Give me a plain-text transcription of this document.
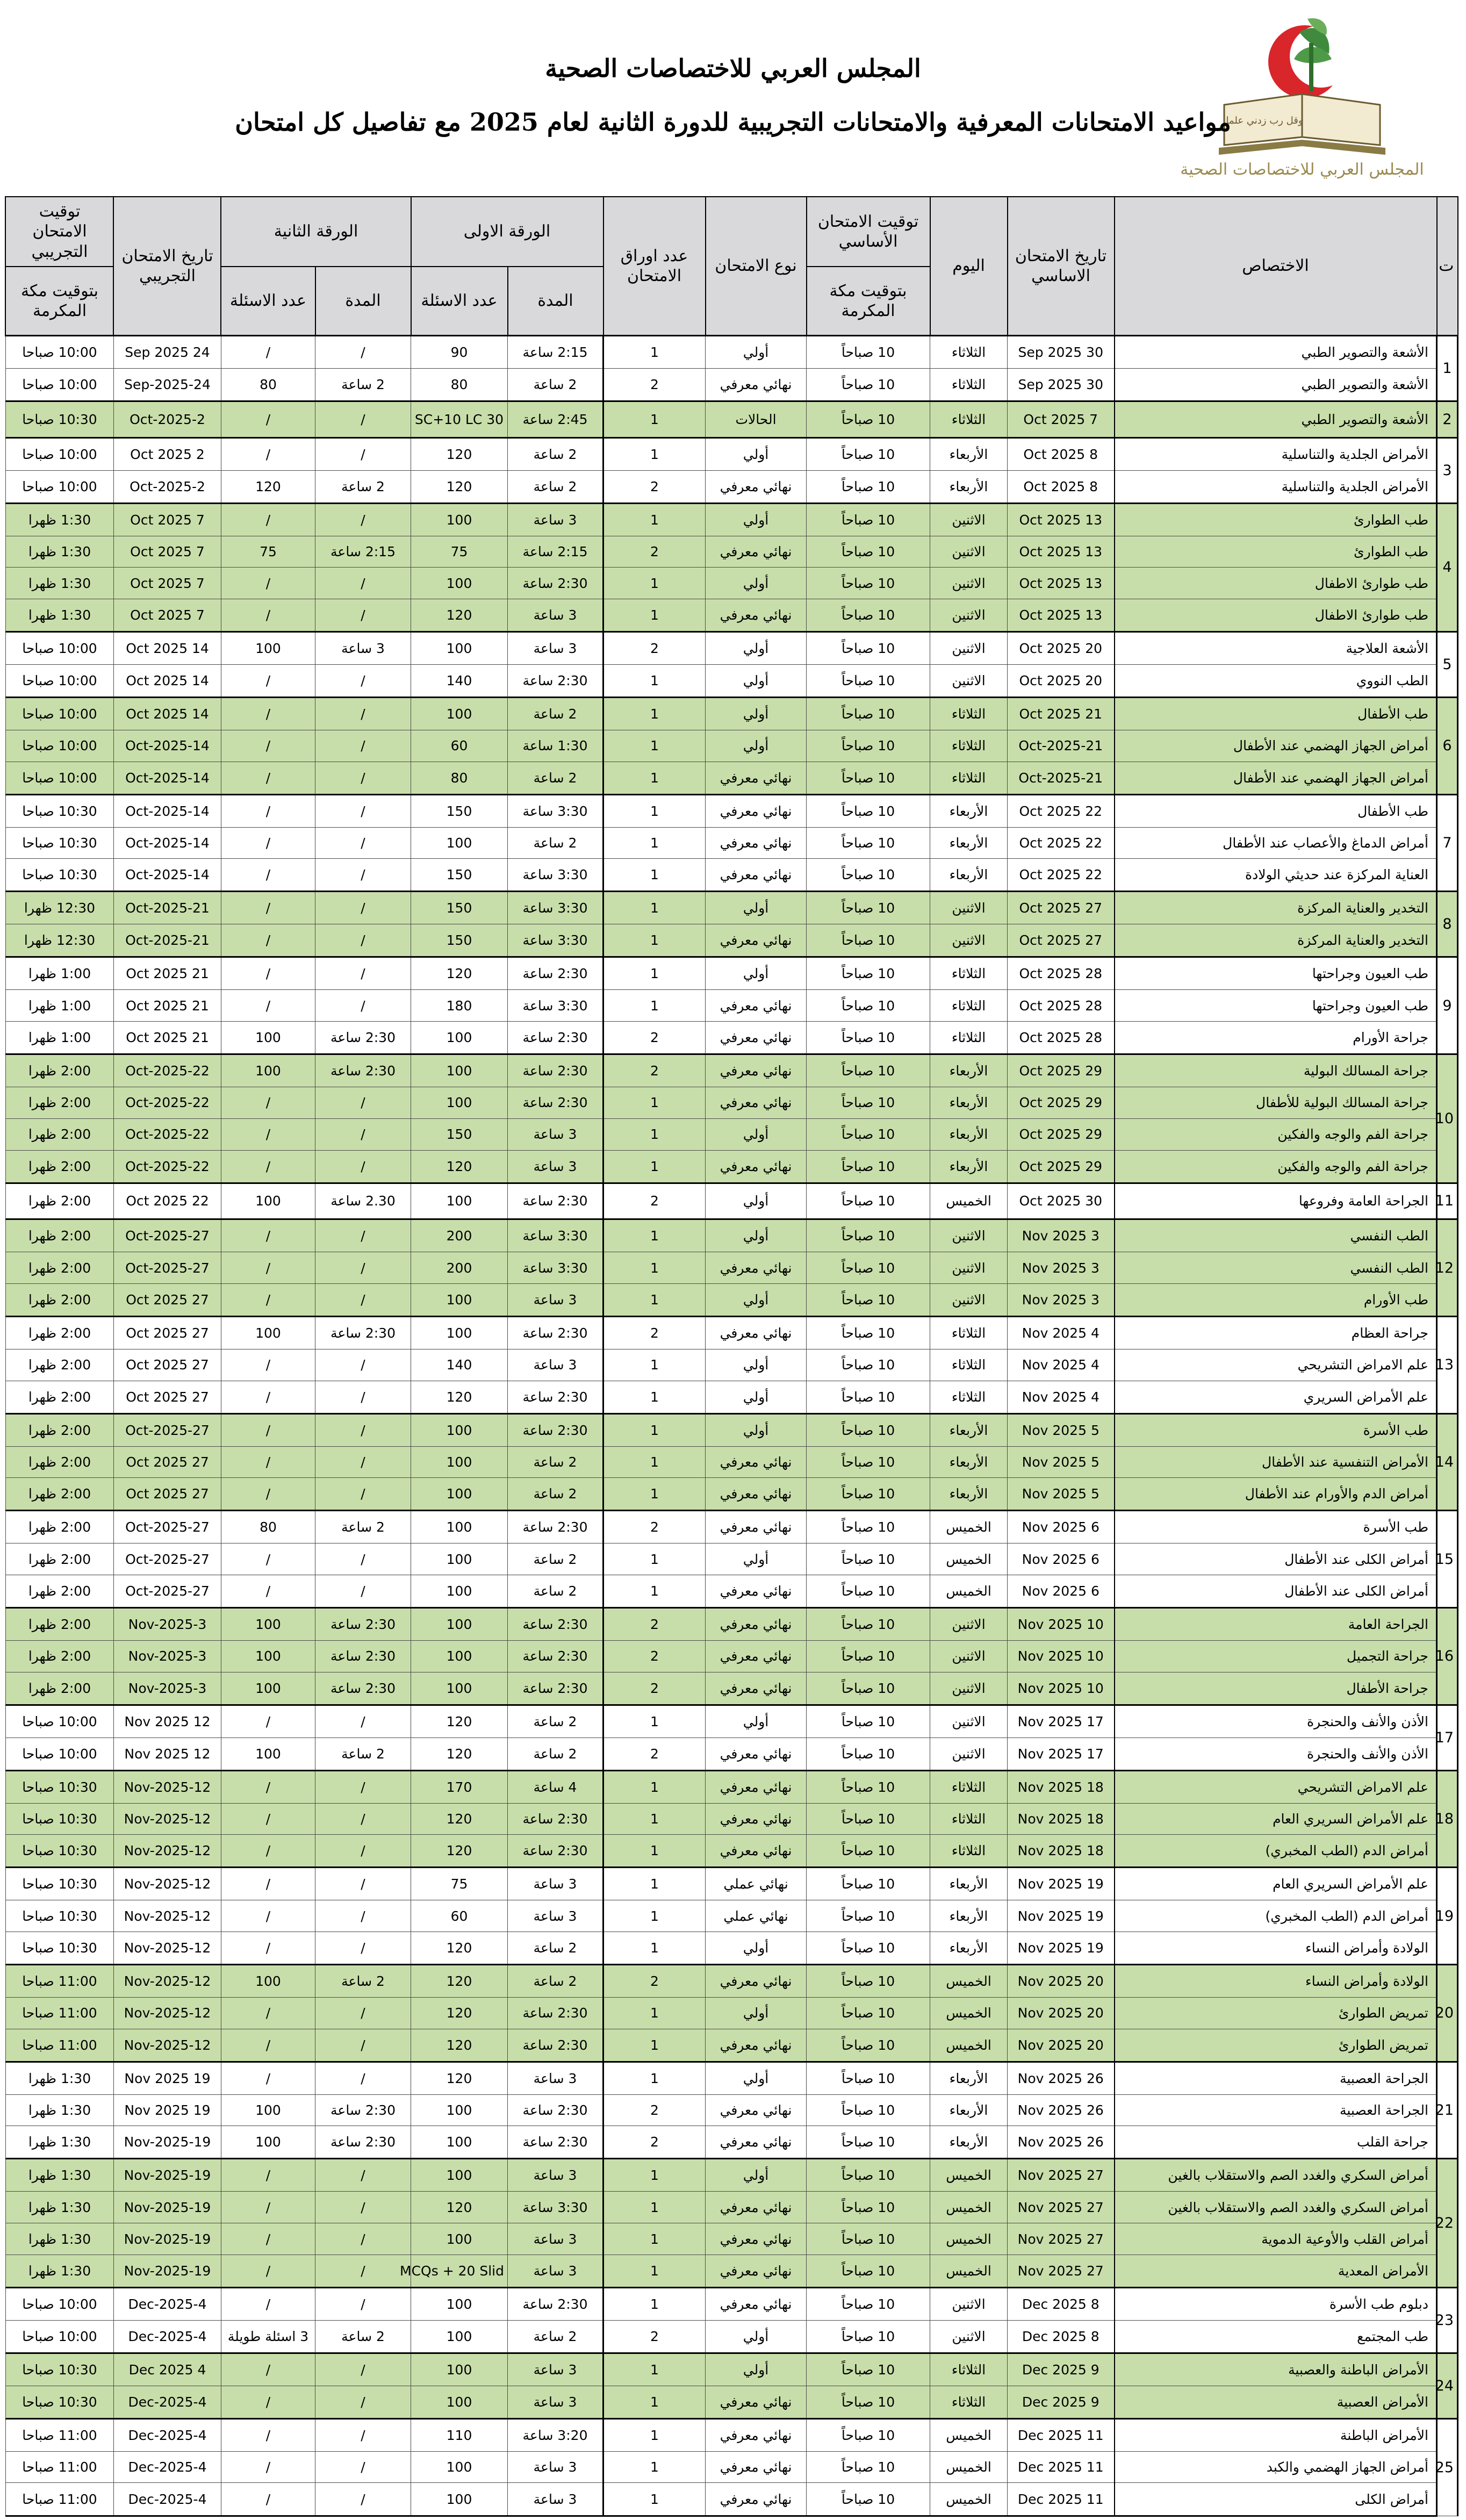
وقل رب زدني علما
المجلس العربي للاختصاصات الصحية
المجلس العربي للاختصاصات الصحية
مواعيد الامتحانات المعرفية والامتحانات التجريبية للدورة الثانية لعام 2025 مع تفاصيل كل امتحان
ت	الاختصاص	تاريخ الامتحان الاساسي	اليوم	توقيت الامتحان الأساسي	نوع الامتحان	عدد اوراق الامتحان	الورقة الاولى		الورقة الثانية		تاريخ الامتحان التجريبي	توقيت الامتحان التجريبي
				بتوقيت مكة المكرمة			المدة	عدد الاسئلة	المدة	عدد الاسئلة		بتوقيت مكة المكرمة
1	الأشعة والتصوير الطبي	30 Sep 2025	الثلاثاء	10 صباحاً	أولي	1	2:15 ساعة	90	/	/	24 Sep 2025	10:00 صباحا
	الأشعة والتصوير الطبي	30 Sep 2025	الثلاثاء	10 صباحاً	نهائي معرفي	2	2 ساعة	80	2 ساعة	80	24-Sep-2025	10:00 صباحا
2	الأشعة والتصوير الطبي	7 Oct 2025	الثلاثاء	10 صباحاً	الحالات	1	2:45 ساعة	30 SC+10 LC	/	/	2-Oct-2025	10:30 صباحا
3	الأمراض الجلدية والتناسلية	8 Oct 2025	الأربعاء	10 صباحاً	أولي	1	2 ساعة	120	/	/	2 Oct 2025	10:00 صباحا
	الأمراض الجلدية والتناسلية	8 Oct 2025	الأربعاء	10 صباحاً	نهائي معرفي	2	2 ساعة	120	2 ساعة	120	2-Oct-2025	10:00 صباحا
4	طب الطوارئ	13 Oct 2025	الاثنين	10 صباحاً	أولي	1	3 ساعة	100	/	/	7 Oct 2025	1:30 ظهرا
	طب الطوارئ	13 Oct 2025	الاثنين	10 صباحاً	نهائي معرفي	2	2:15 ساعة	75	2:15 ساعة	75	7 Oct 2025	1:30 ظهرا
	طب طوارئ الاطفال	13 Oct 2025	الاثنين	10 صباحاً	أولي	1	2:30 ساعة	100	/	/	7 Oct 2025	1:30 ظهرا
	طب طوارئ الاطفال	13 Oct 2025	الاثنين	10 صباحاً	نهائي معرفي	1	3 ساعة	120	/	/	7 Oct 2025	1:30 ظهرا
5	الأشعة العلاجية	20 Oct 2025	الاثنين	10 صباحاً	أولي	2	3 ساعة	100	3 ساعة	100	14 Oct 2025	10:00 صباحا
	الطب النووي	20 Oct 2025	الاثنين	10 صباحاً	أولي	1	2:30 ساعة	140	/	/	14 Oct 2025	10:00 صباحا
6	طب الأطفال	21 Oct 2025	الثلاثاء	10 صباحاً	أولي	1	2 ساعة	100	/	/	14 Oct 2025	10:00 صباحا
	أمراض الجهاز الهضمي عند الأطفال	21-Oct-2025	الثلاثاء	10 صباحاً	أولي	1	1:30 ساعة	60	/	/	14-Oct-2025	10:00 صباحا
	أمراض الجهاز الهضمي عند الأطفال	21-Oct-2025	الثلاثاء	10 صباحاً	نهائي معرفي	1	2 ساعة	80	/	/	14-Oct-2025	10:00 صباحا
7	طب الأطفال	22 Oct 2025	الأربعاء	10 صباحاً	نهائي معرفي	1	3:30 ساعة	150	/	/	14-Oct-2025	10:30 صباحا
	أمراض الدماغ والأعصاب عند الأطفال	22 Oct 2025	الأربعاء	10 صباحاً	نهائي معرفي	1	2 ساعة	100	/	/	14-Oct-2025	10:30 صباحا
	العناية المركزة عند حديثي الولادة	22 Oct 2025	الأربعاء	10 صباحاً	نهائي معرفي	1	3:30 ساعة	150	/	/	14-Oct-2025	10:30 صباحا
8	التخدير والعناية المركزة	27 Oct 2025	الاثنين	10 صباحاً	أولي	1	3:30 ساعة	150	/	/	21-Oct-2025	12:30 ظهرا
	التخدير والعناية المركزة	27 Oct 2025	الاثنين	10 صباحاً	نهائي معرفي	1	3:30 ساعة	150	/	/	21-Oct-2025	12:30 ظهرا
9	طب العيون وجراحتها	28 Oct 2025	الثلاثاء	10 صباحاً	أولي	1	2:30 ساعة	120	/	/	21 Oct 2025	1:00 ظهرا
	طب العيون وجراحتها	28 Oct 2025	الثلاثاء	10 صباحاً	نهائي معرفي	1	3:30 ساعة	180	/	/	21 Oct 2025	1:00 ظهرا
	جراحة الأورام	28 Oct 2025	الثلاثاء	10 صباحاً	نهائي معرفي	2	2:30 ساعة	100	2:30 ساعة	100	21 Oct 2025	1:00 ظهرا
10	جراحة المسالك البولية	29 Oct 2025	الأربعاء	10 صباحاً	نهائي معرفي	2	2:30 ساعة	100	2:30 ساعة	100	22-Oct-2025	2:00 ظهرا
	جراحة المسالك البولية للأطفال	29 Oct 2025	الأربعاء	10 صباحاً	نهائي معرفي	1	2:30 ساعة	100	/	/	22-Oct-2025	2:00 ظهرا
	جراحة الفم والوجه والفكين	29 Oct 2025	الأربعاء	10 صباحاً	أولي	1	3 ساعة	150	/	/	22-Oct-2025	2:00 ظهرا
	جراحة الفم والوجه والفكين	29 Oct 2025	الأربعاء	10 صباحاً	نهائي معرفي	1	3 ساعة	120	/	/	22-Oct-2025	2:00 ظهرا
11	الجراحة العامة وفروعها	30 Oct 2025	الخميس	10 صباحاً	أولي	2	2:30 ساعة	100	2.30 ساعة	100	22 Oct 2025	2:00 ظهرا
12	الطب النفسي	3 Nov 2025	الاثنين	10 صباحاً	أولي	1	3:30 ساعة	200	/	/	27-Oct-2025	2:00 ظهرا
	الطب النفسي	3 Nov 2025	الاثنين	10 صباحاً	نهائي معرفي	1	3:30 ساعة	200	/	/	27-Oct-2025	2:00 ظهرا
	طب الأورام	3 Nov 2025	الاثنين	10 صباحاً	أولي	1	3 ساعة	100	/	/	27 Oct 2025	2:00 ظهرا
13	جراحة العظام	4 Nov 2025	الثلاثاء	10 صباحاً	نهائي معرفي	2	2:30 ساعة	100	2:30 ساعة	100	27 Oct 2025	2:00 ظهرا
	علم الامراض التشريحي	4 Nov 2025	الثلاثاء	10 صباحاً	أولي	1	3 ساعة	140	/	/	27 Oct 2025	2:00 ظهرا
	علم الأمراض السريري	4 Nov 2025	الثلاثاء	10 صباحاً	أولي	1	2:30 ساعة	120	/	/	27 Oct 2025	2:00 ظهرا
14	طب الأسرة	5 Nov 2025	الأربعاء	10 صباحاً	أولي	1	2:30 ساعة	100	/	/	27-Oct-2025	2:00 ظهرا
	الأمراض التنفسية عند الأطفال	5 Nov 2025	الأربعاء	10 صباحاً	نهائي معرفي	1	2 ساعة	100	/	/	27 Oct 2025	2:00 ظهرا
	أمراض الدم والأورام عند الأطفال	5 Nov 2025	الأربعاء	10 صباحاً	نهائي معرفي	1	2 ساعة	100	/	/	27 Oct 2025	2:00 ظهرا
15	طب الأسرة	6 Nov 2025	الخميس	10 صباحاً	نهائي معرفي	2	2:30 ساعة	100	2 ساعة	80	27-Oct-2025	2:00 ظهرا
	أمراض الكلى عند الأطفال	6 Nov 2025	الخميس	10 صباحاً	أولي	1	2 ساعة	100	/	/	27-Oct-2025	2:00 ظهرا
	أمراض الكلى عند الأطفال	6 Nov 2025	الخميس	10 صباحاً	نهائي معرفي	1	2 ساعة	100	/	/	27-Oct-2025	2:00 ظهرا
16	الجراحة العامة	10 Nov 2025	الاثنين	10 صباحاً	نهائي معرفي	2	2:30 ساعة	100	2:30 ساعة	100	3-Nov-2025	2:00 ظهرا
	جراحة التجميل	10 Nov 2025	الاثنين	10 صباحاً	نهائي معرفي	2	2:30 ساعة	100	2:30 ساعة	100	3-Nov-2025	2:00 ظهرا
	جراحة الأطفال	10 Nov 2025	الاثنين	10 صباحاً	نهائي معرفي	2	2:30 ساعة	100	2:30 ساعة	100	3-Nov-2025	2:00 ظهرا
17	الأذن والأنف والحنجرة	17 Nov 2025	الاثنين	10 صباحاً	أولي	1	2 ساعة	120	/	/	12 Nov 2025	10:00 صباحا
	الأذن والأنف والحنجرة	17 Nov 2025	الاثنين	10 صباحاً	نهائي معرفي	2	2 ساعة	120	2 ساعة	100	12 Nov 2025	10:00 صباحا
18	علم الامراض التشريحي	18 Nov 2025	الثلاثاء	10 صباحاً	نهائي معرفي	1	4 ساعة	170	/	/	12-Nov-2025	10:30 صباحا
	علم الأمراض السريري العام	18 Nov 2025	الثلاثاء	10 صباحاً	نهائي معرفي	1	2:30 ساعة	120	/	/	12-Nov-2025	10:30 صباحا
	أمراض الدم (الطب المخبري)	18 Nov 2025	الثلاثاء	10 صباحاً	نهائي معرفي	1	2:30 ساعة	120	/	/	12-Nov-2025	10:30 صباحا
19	علم الأمراض السريري العام	19 Nov 2025	الأربعاء	10 صباحاً	نهائي عملي	1	3 ساعة	75	/	/	12-Nov-2025	10:30 صباحا
	أمراض الدم (الطب المخبري)	19 Nov 2025	الأربعاء	10 صباحاً	نهائي عملي	1	3 ساعة	60	/	/	12-Nov-2025	10:30 صباحا
	الولادة وأمراض النساء	19 Nov 2025	الأربعاء	10 صباحاً	أولي	1	2 ساعة	120	/	/	12-Nov-2025	10:30 صباحا
20	الولادة وأمراض النساء	20 Nov 2025	الخميس	10 صباحاً	نهائي معرفي	2	2 ساعة	120	2 ساعة	100	12-Nov-2025	11:00 صباحا
	تمريض الطوارئ	20 Nov 2025	الخميس	10 صباحاً	أولي	1	2:30 ساعة	120	/	/	12-Nov-2025	11:00 صباحا
	تمريض الطوارئ	20 Nov 2025	الخميس	10 صباحاً	نهائي معرفي	1	2:30 ساعة	120	/	/	12-Nov-2025	11:00 صباحا
21	الجراحة العصبية	26 Nov 2025	الأربعاء	10 صباحاً	أولي	1	3 ساعة	120	/	/	19 Nov 2025	1:30 ظهرا
	الجراحة العصبية	26 Nov 2025	الأربعاء	10 صباحاً	نهائي معرفي	2	2:30 ساعة	100	2:30 ساعة	100	19 Nov 2025	1:30 ظهرا
	جراحة القلب	26 Nov 2025	الأربعاء	10 صباحاً	نهائي معرفي	2	2:30 ساعة	100	2:30 ساعة	100	19-Nov-2025	1:30 ظهرا
22	أمراض السكري والغدد الصم والاستقلاب بالغين	27 Nov 2025	الخميس	10 صباحاً	أولي	1	3 ساعة	100	/	/	19-Nov-2025	1:30 ظهرا
	أمراض السكري والغدد الصم والاستقلاب بالغين	27 Nov 2025	الخميس	10 صباحاً	نهائي معرفي	1	3:30 ساعة	120	/	/	19-Nov-2025	1:30 ظهرا
	أمراض القلب والأوعية الدموية	27 Nov 2025	الخميس	10 صباحاً	نهائي معرفي	1	3 ساعة	100	/	/	19-Nov-2025	1:30 ظهرا
	الأمراض المعدية	27 Nov 2025	الخميس	10 صباحاً	نهائي معرفي	1	3 ساعة	MCQs + 20 Slid	/	/	19-Nov-2025	1:30 ظهرا
23	دبلوم طب الأسرة	8 Dec 2025	الاثنين	10 صباحاً	نهائي معرفي	1	2:30 ساعة	100	/	/	4-Dec-2025	10:00 صباحا
	طب المجتمع	8 Dec 2025	الاثنين	10 صباحاً	أولي	2	2 ساعة	100	2 ساعة	3 اسئلة طويلة	4-Dec-2025	10:00 صباحا
24	الأمراض الباطنة والعصبية	9 Dec 2025	الثلاثاء	10 صباحاً	أولي	1	3 ساعة	100	/	/	4 Dec 2025	10:30 صباحا
	الأمراض العصبية	9 Dec 2025	الثلاثاء	10 صباحاً	نهائي معرفي	1	3 ساعة	100	/	/	4-Dec-2025	10:30 صباحا
25	الأمراض الباطنة	11 Dec 2025	الخميس	10 صباحاً	نهائي معرفي	1	3:20 ساعة	110	/	/	4-Dec-2025	11:00 صباحا
	أمراض الجهاز الهضمي والكبد	11 Dec 2025	الخميس	10 صباحاً	نهائي معرفي	1	3 ساعة	100	/	/	4-Dec-2025	11:00 صباحا
	أمراض الكلى	11 Dec 2025	الخميس	10 صباحاً	نهائي معرفي	1	3 ساعة	100	/	/	4-Dec-2025	11:00 صباحا
